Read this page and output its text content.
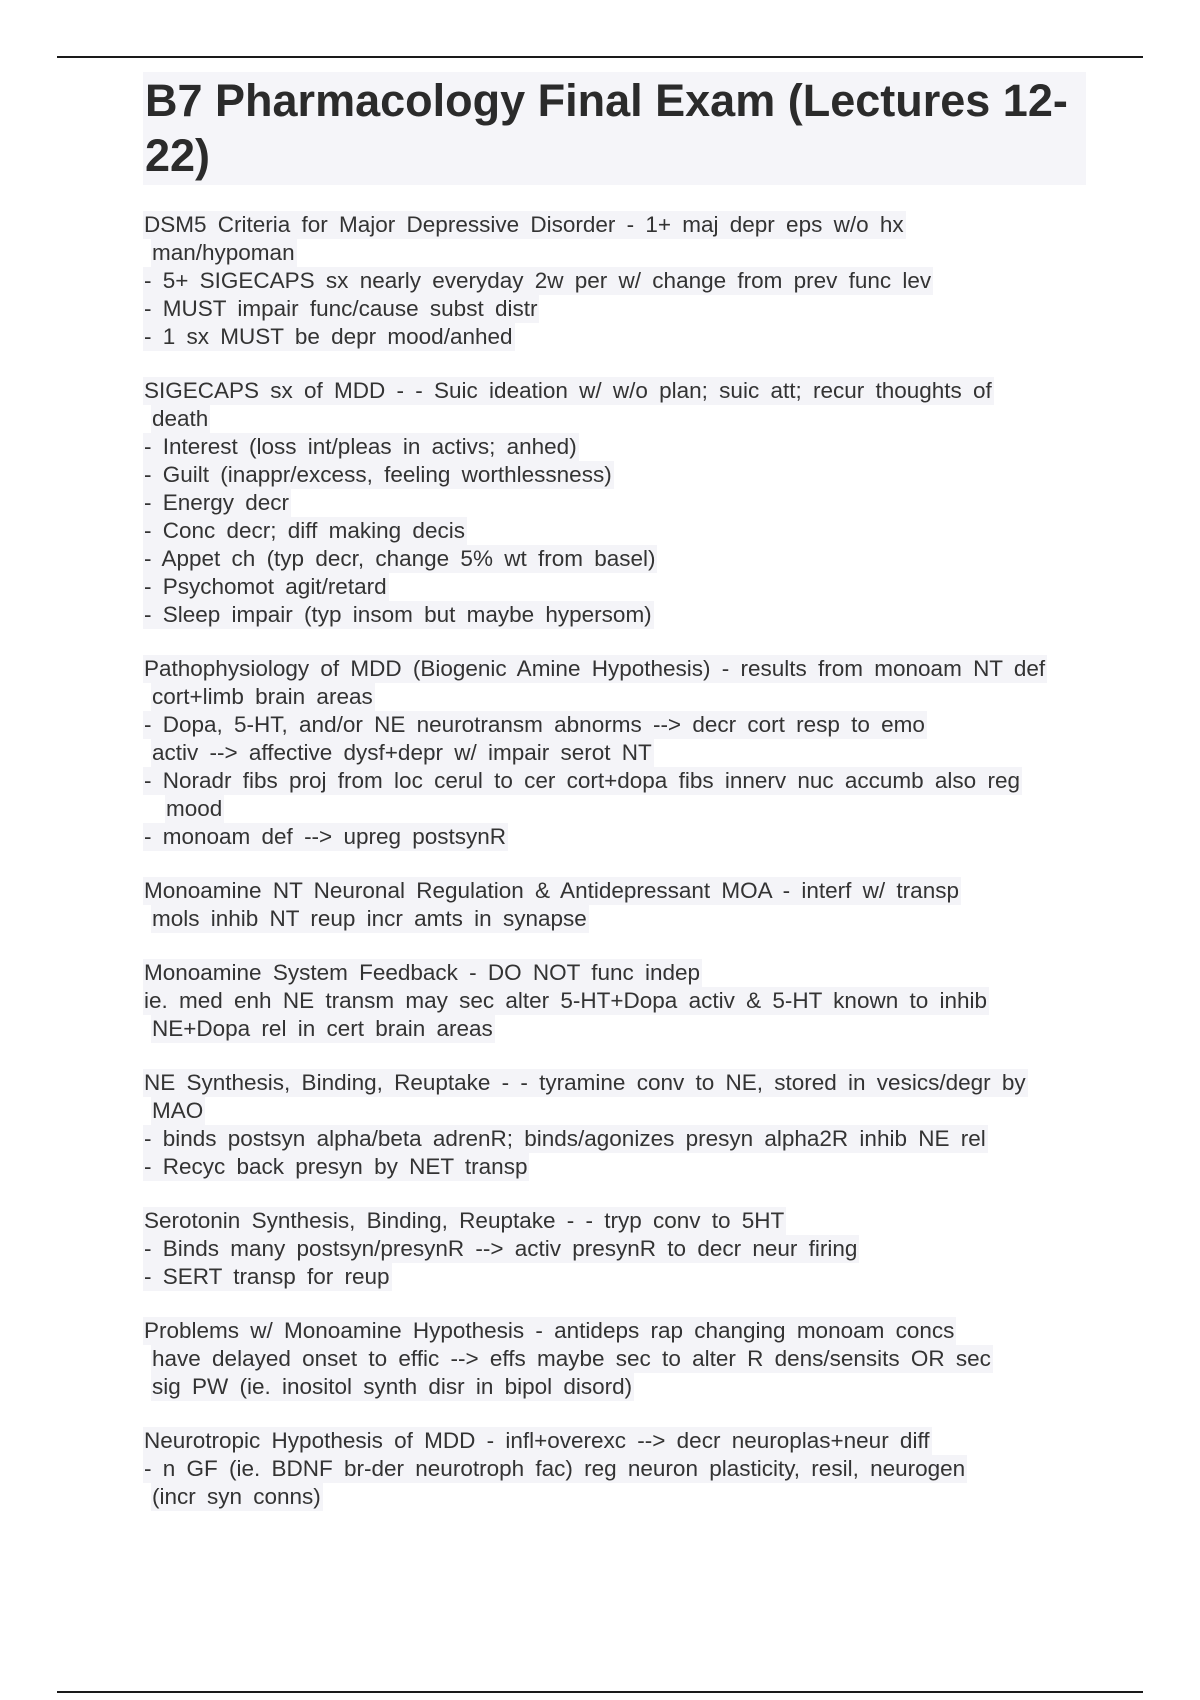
B7 Pharmacology Final Exam (Lectures 12-22)
DSM5 Criteria for Major Depressive Disorder - 1+ maj depr eps w/o hx
man/hypoman
- 5+ SIGECAPS sx nearly everyday 2w per w/ change from prev func lev
- MUST impair func/cause subst distr
- 1 sx MUST be depr mood/anhed
SIGECAPS sx of MDD - - Suic ideation w/ w/o plan; suic att; recur thoughts of
death
- Interest (loss int/pleas in activs; anhed)
- Guilt (inappr/excess, feeling worthlessness)
- Energy decr
- Conc decr; diff making decis
- Appet ch (typ decr, change 5% wt from basel)
- Psychomot agit/retard
- Sleep impair (typ insom but maybe hypersom)
Pathophysiology of MDD (Biogenic Amine Hypothesis) - results from monoam NT def
cort+limb brain areas
- Dopa, 5-HT, and/or NE neurotransm abnorms --> decr cort resp to emo
activ --> affective dysf+depr w/ impair serot NT
- Noradr fibs proj from loc cerul to cer cort+dopa fibs innerv nuc accumb also reg
mood
- monoam def --> upreg postsynR
Monoamine NT Neuronal Regulation & Antidepressant MOA - interf w/ transp
mols inhib NT reup incr amts in synapse
Monoamine System Feedback - DO NOT func indep
ie. med enh NE transm may sec alter 5-HT+Dopa activ & 5-HT known to inhib
NE+Dopa rel in cert brain areas
NE Synthesis, Binding, Reuptake - - tyramine conv to NE, stored in vesics/degr by
MAO
- binds postsyn alpha/beta adrenR; binds/agonizes presyn alpha2R inhib NE rel
- Recyc back presyn by NET transp
Serotonin Synthesis, Binding, Reuptake - - tryp conv to 5HT
- Binds many postsyn/presynR --> activ presynR to decr neur firing
- SERT transp for reup
Problems w/ Monoamine Hypothesis - antideps rap changing monoam concs
have delayed onset to effic --> effs maybe sec to alter R dens/sensits OR sec
sig PW (ie. inositol synth disr in bipol disord)
Neurotropic Hypothesis of MDD - infl+overexc --> decr neuroplas+neur diff
- n GF (ie. BDNF br-der neurotroph fac) reg neuron plasticity, resil, neurogen
(incr syn conns)
